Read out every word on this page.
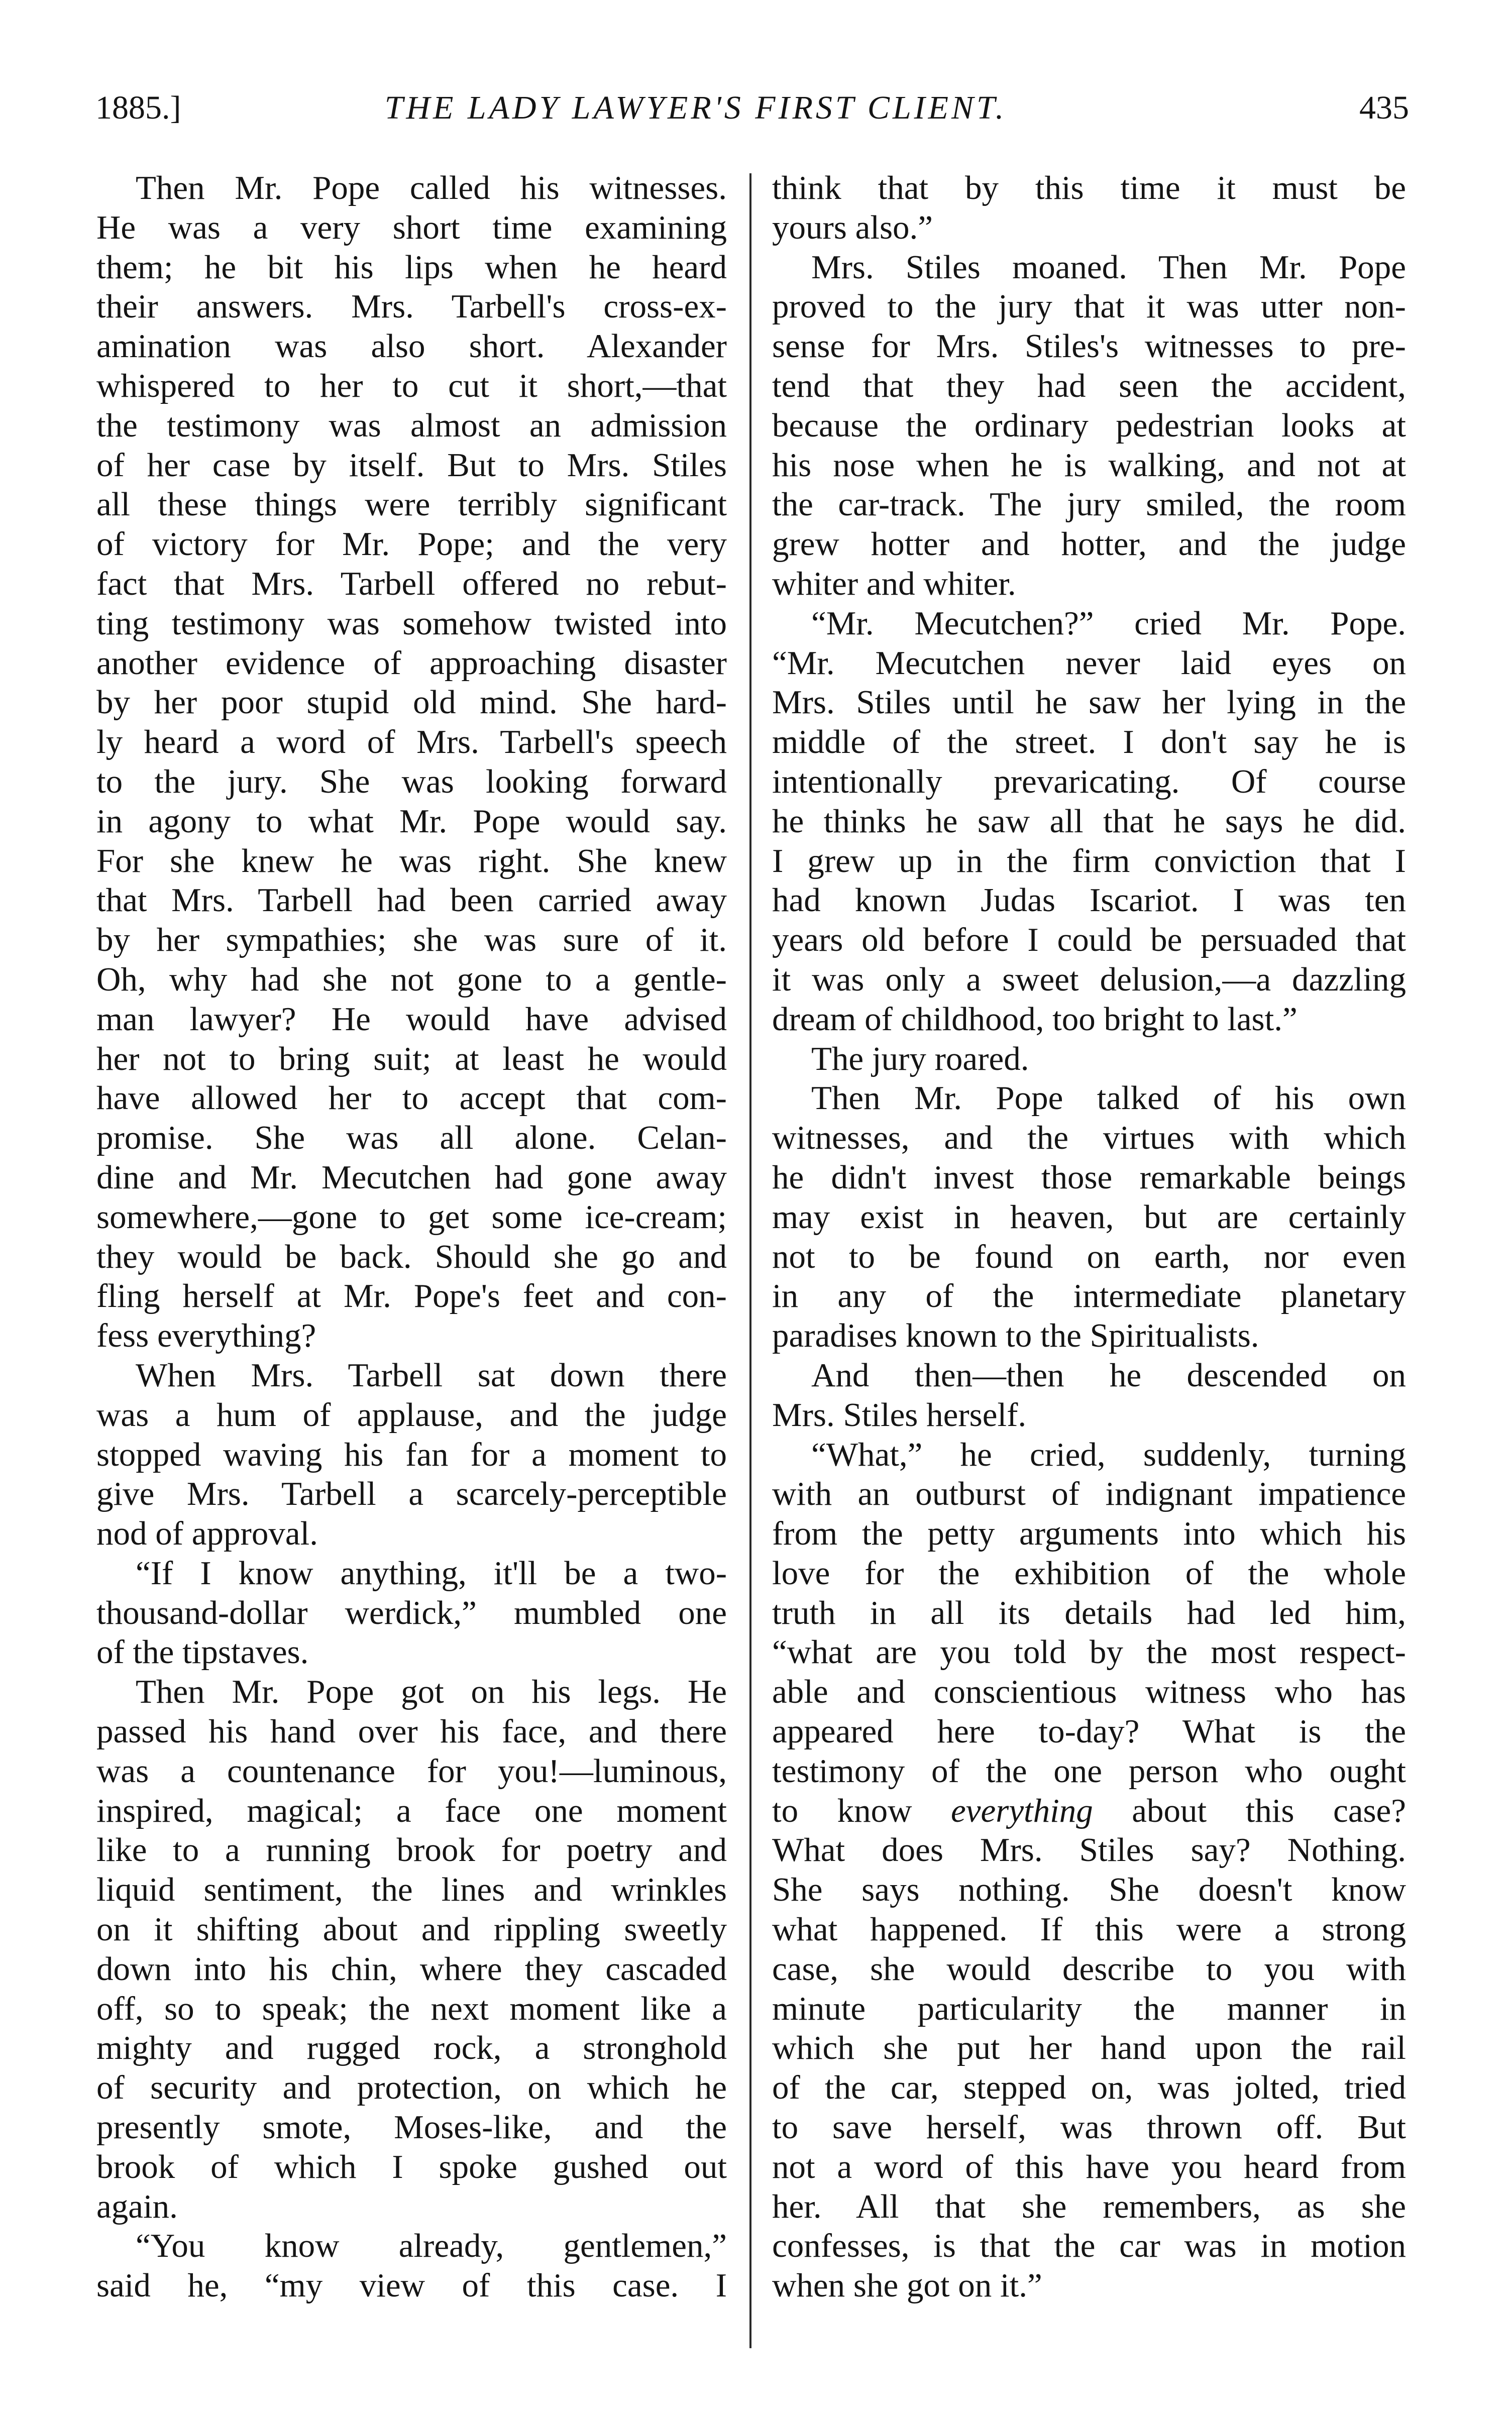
1885.]	THE LADY LAWYER'S FIRST CLIENT.	435
Then Mr. Pope called his witnesses.
He was a very short time examining
them; he bit his lips when he heard
their answers. Mrs. Tarbell's cross-ex-
amination was also short. Alexander
whispered to her to cut it short,—that
the testimony was almost an admission
of her case by itself. But to Mrs. Stiles
all these things were terribly significant
of victory for Mr. Pope; and the very
fact that Mrs. Tarbell offered no rebut-
ting testimony was somehow twisted into
another evidence of approaching disaster
by her poor stupid old mind. She hard-
ly heard a word of Mrs. Tarbell's speech
to the jury. She was looking forward
in agony to what Mr. Pope would say.
For she knew he was right. She knew
that Mrs. Tarbell had been carried away
by her sympathies; she was sure of it.
Oh, why had she not gone to a gentle-
man lawyer? He would have advised
her not to bring suit; at least he would
have allowed her to accept that com-
promise. She was all alone. Celan-
dine and Mr. Mecutchen had gone away
somewhere,—gone to get some ice-cream;
they would be back. Should she go and
fling herself at Mr. Pope's feet and con-
fess everything?
When Mrs. Tarbell sat down there
was a hum of applause, and the judge
stopped waving his fan for a moment to
give Mrs. Tarbell a scarcely-perceptible
nod of approval.
“If I know anything, it'll be a two-
thousand-dollar werdick,” mumbled one
of the tipstaves.
Then Mr. Pope got on his legs. He
passed his hand over his face, and there
was a countenance for you!—luminous,
inspired, magical; a face one moment
like to a running brook for poetry and
liquid sentiment, the lines and wrinkles
on it shifting about and rippling sweetly
down into his chin, where they cascaded
off, so to speak; the next moment like a
mighty and rugged rock, a stronghold
of security and protection, on which he
presently smote, Moses-like, and the
brook of which I spoke gushed out
again.
“You know already, gentlemen,”
said he, “my view of this case. I
think that by this time it must be
yours also.”
Mrs. Stiles moaned. Then Mr. Pope
proved to the jury that it was utter non-
sense for Mrs. Stiles's witnesses to pre-
tend that they had seen the accident,
because the ordinary pedestrian looks at
his nose when he is walking, and not at
the car-track. The jury smiled, the room
grew hotter and hotter, and the judge
whiter and whiter.
“Mr. Mecutchen?” cried Mr. Pope.
“Mr. Mecutchen never laid eyes on
Mrs. Stiles until he saw her lying in the
middle of the street. I don't say he is
intentionally prevaricating. Of course
he thinks he saw all that he says he did.
I grew up in the firm conviction that I
had known Judas Iscariot. I was ten
years old before I could be persuaded that
it was only a sweet delusion,—a dazzling
dream of childhood, too bright to last.”
The jury roared.
Then Mr. Pope talked of his own
witnesses, and the virtues with which
he didn't invest those remarkable beings
may exist in heaven, but are certainly
not to be found on earth, nor even
in any of the intermediate planetary
paradises known to the Spiritualists.
And then—then he descended on
Mrs. Stiles herself.
“What,” he cried, suddenly, turning
with an outburst of indignant impatience
from the petty arguments into which his
love for the exhibition of the whole
truth in all its details had led him,
“what are you told by the most respect-
able and conscientious witness who has
appeared here to-day? What is the
testimony of the one person who ought
to know everything about this case?
What does Mrs. Stiles say? Nothing.
She says nothing. She doesn't know
what happened. If this were a strong
case, she would describe to you with
minute particularity the manner in
which she put her hand upon the rail
of the car, stepped on, was jolted, tried
to save herself, was thrown off. But
not a word of this have you heard from
her. All that she remembers, as she
confesses, is that the car was in motion
when she got on it.”
